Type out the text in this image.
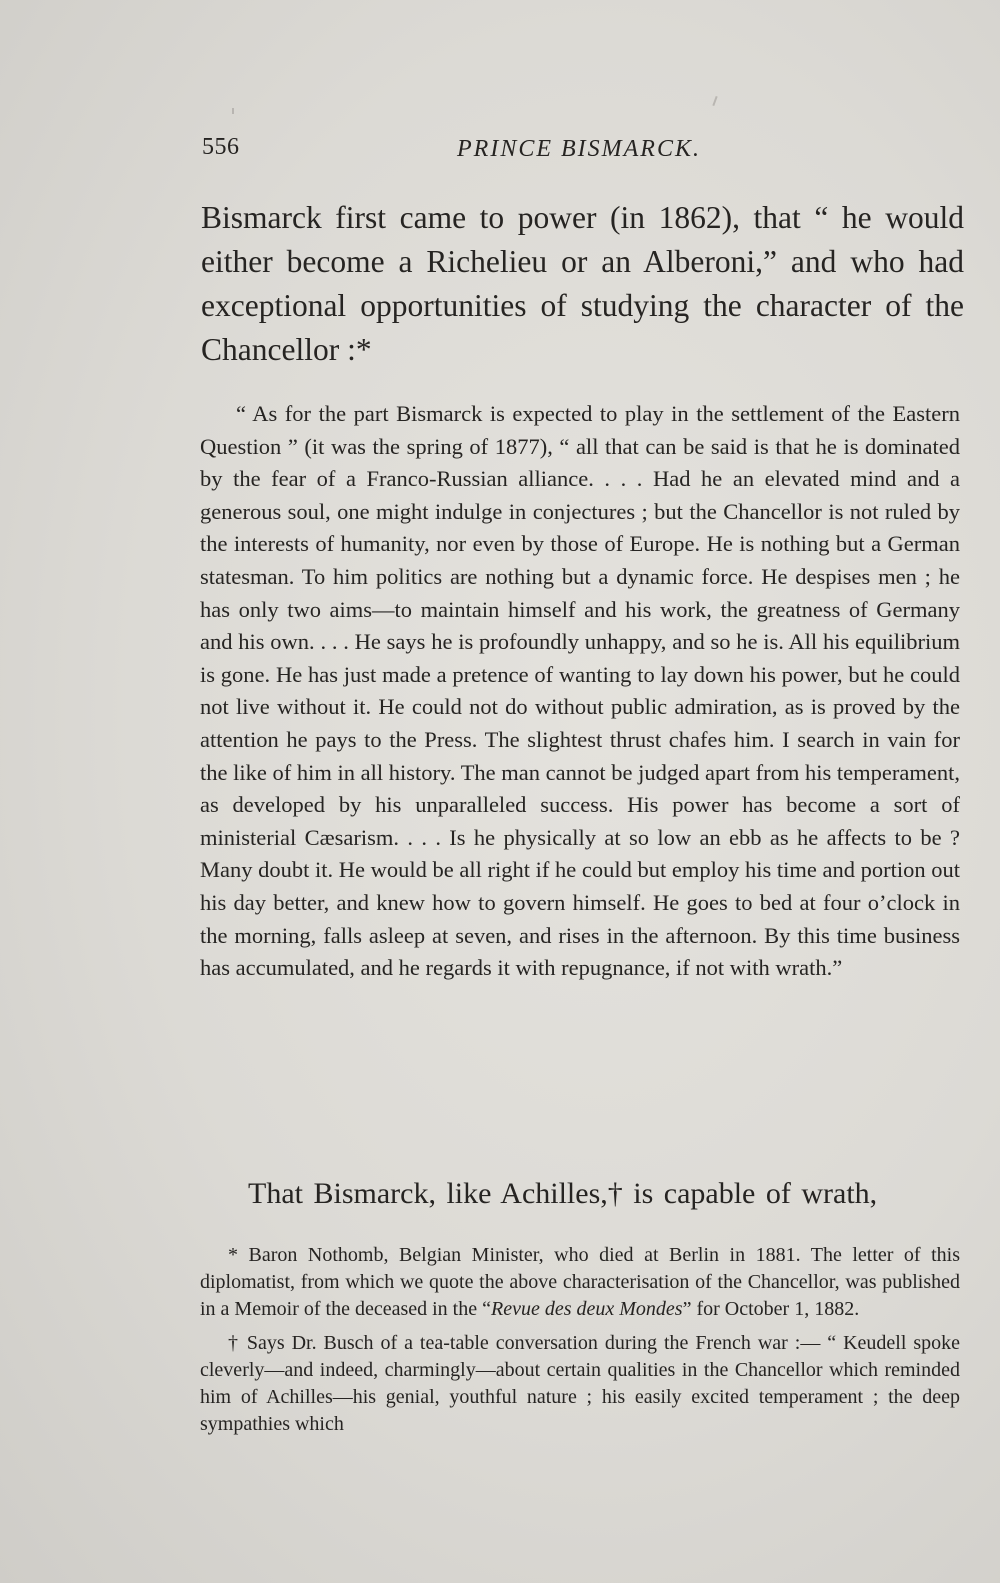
556	PRINCE BISMARCK.

Bismarck first came to power (in 1862), that “ he would either become a Richelieu or an Alberoni,” and who had exceptional opportunities of studying the character of the Chancellor :*

“ As for the part Bismarck is expected to play in the settlement of the Eastern Question ” (it was the spring of 1877), “ all that can be said is that he is dominated by the fear of a Franco-Russian alliance. . . . Had he an elevated mind and a generous soul, one might indulge in conjectures ; but the Chancellor is not ruled by the interests of humanity, nor even by those of Europe. He is nothing but a German statesman. To him politics are nothing but a dynamic force. He despises men ; he has only two aims—to maintain himself and his work, the greatness of Germany and his own. . . . He says he is profoundly unhappy, and so he is. All his equilibrium is gone. He has just made a pretence of wanting to lay down his power, but he could not live without it. He could not do without public admiration, as is proved by the attention he pays to the Press. The slightest thrust chafes him. I search in vain for the like of him in all history. The man cannot be judged apart from his temperament, as developed by his unparalleled success. His power has become a sort of ministerial Cæsarism. . . . Is he physically at so low an ebb as he affects to be ? Many doubt it. He would be all right if he could but employ his time and portion out his day better, and knew how to govern himself. He goes to bed at four o’clock in the morning, falls asleep at seven, and rises in the afternoon. By this time business has accumulated, and he regards it with repugnance, if not with wrath.”

That Bismarck, like Achilles,† is capable of wrath,

* Baron Nothomb, Belgian Minister, who died at Berlin in 1881. The letter of this diplomatist, from which we quote the above characterisation of the Chancellor, was published in a Memoir of the deceased in the “Revue des deux Mondes” for October 1, 1882.

† Says Dr. Busch of a tea-table conversation during the French war :— “ Keudell spoke cleverly—and indeed, charmingly—about certain qualities in the Chancellor which reminded him of Achilles—his genial, youthful nature ; his easily excited temperament ; the deep sympathies which
